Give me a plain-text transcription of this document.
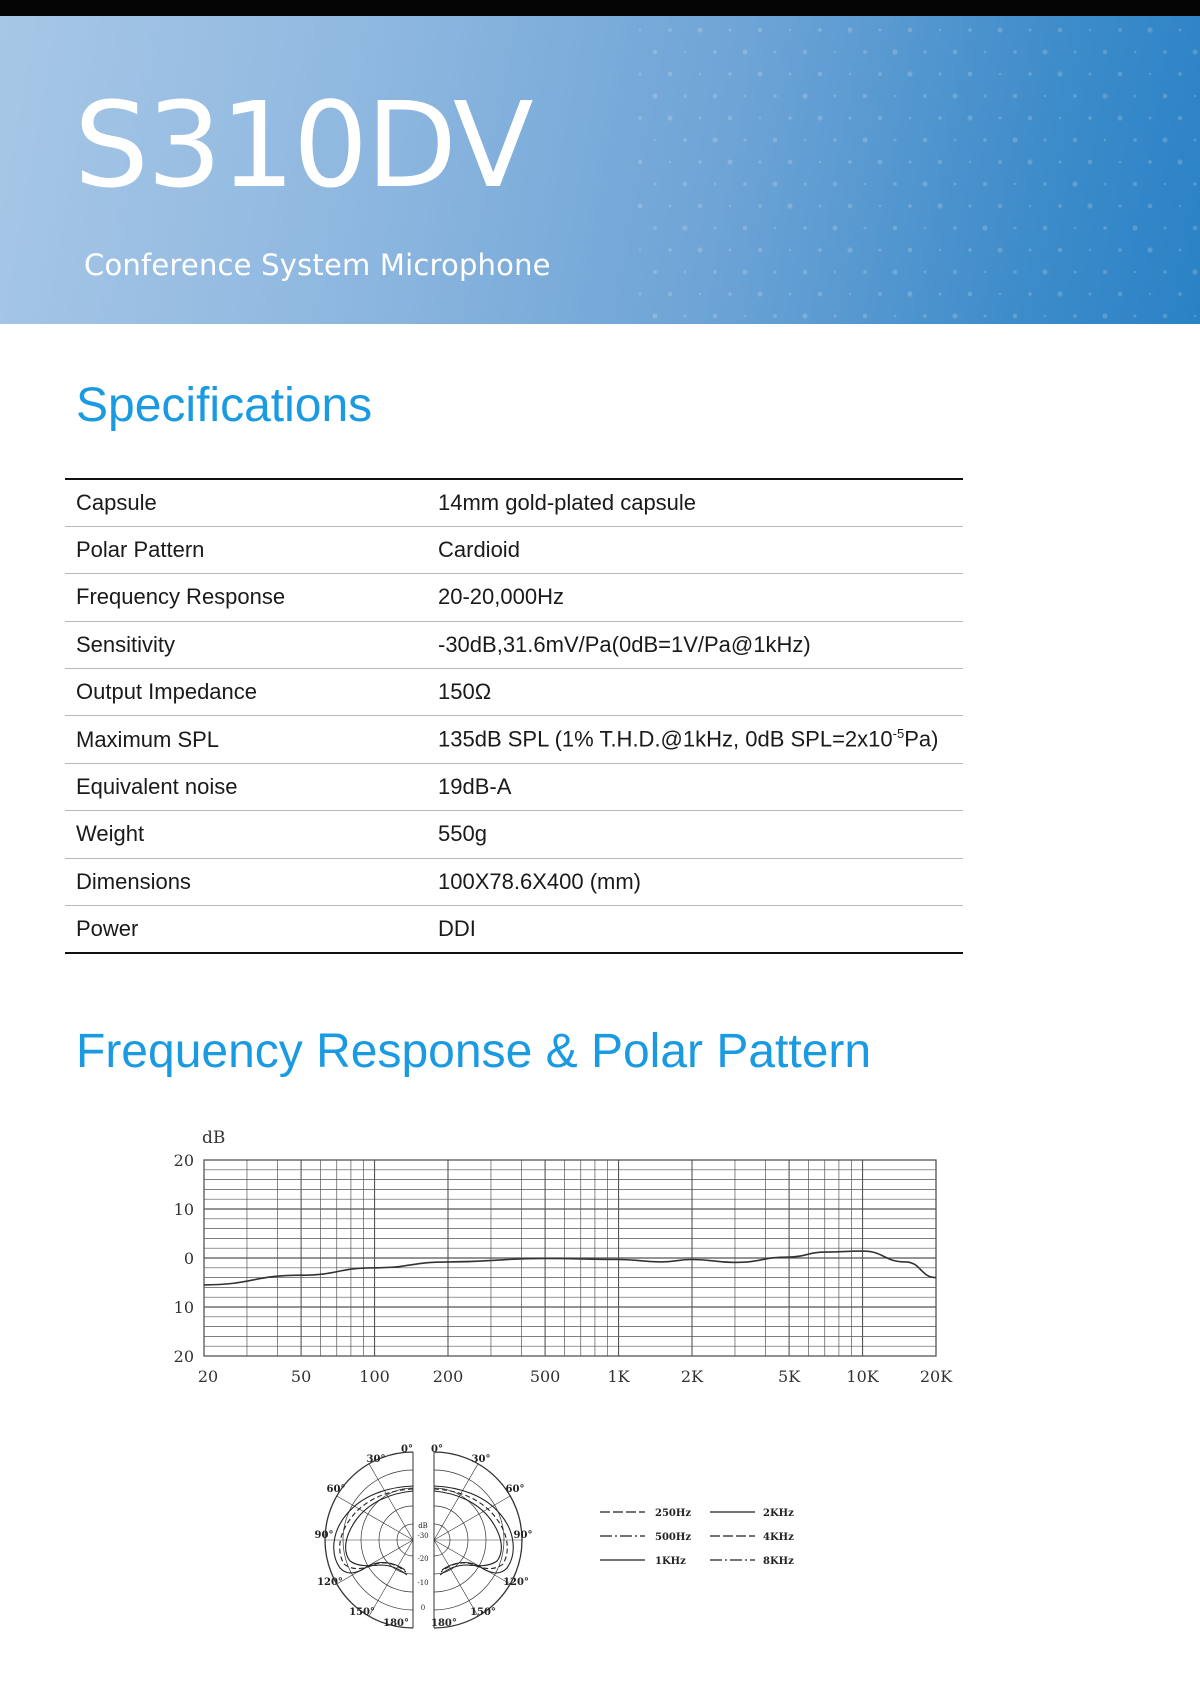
S310DV
Conference System Microphone
Specifications
Capsule	14mm gold-plated capsule
Polar Pattern	Cardioid
Frequency Response	20-20,000Hz
Sensitivity	-30dB,31.6mV/Pa(0dB=1V/Pa@1kHz)
Output Impedance	150Ω
Maximum SPL	135dB SPL (1% T.H.D.@1kHz, 0dB $SPL=2x10^{-5}Pa$)
Equivalent noise	19dB-A
Weight	550g
Dimensions	100X78.6X400 (mm)
Power	DDI
Frequency Response & Polar Pattern
dB
20
10
0
10
20
20	50	100	200	500	1K	2K	5K	10K	20K
0°
30°
60°
90°
120°
150°
180°
0°
30°
60°
90°
120°
150°
180°
dB
-30
-20
-10
0
250Hz
500Hz
1KHz
2KHz
4KHz
8KHz
